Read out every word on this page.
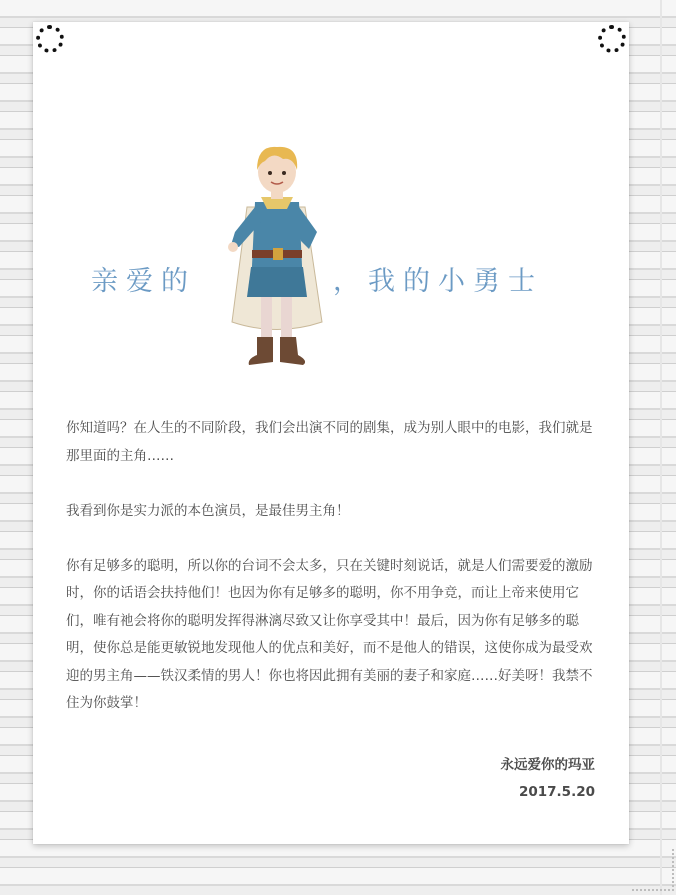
亲爱的	，我的小勇士

你知道吗？在人生的不同阶段，我们会出演不同的剧集，成为别人眼中的电影，我们就是那里面的主角……

我看到你是实力派的本色演员，是最佳男主角！

你有足够多的聪明，所以你的台词不会太多，只在关键时刻说话，就是人们需要爱的激励时，你的话语会扶持他们！也因为你有足够多的聪明，你不用争竞，而让上帝来使用它们，唯有祂会将你的聪明发挥得淋漓尽致又让你享受其中！最后，因为你有足够多的聪明，使你总是能更敏锐地发现他人的优点和美好，而不是他人的错误，这使你成为最受欢迎的男主角——铁汉柔情的男人！你也将因此拥有美丽的妻子和家庭……好美呀！我禁不住为你鼓掌！

永远爱你的玛亚
2017.5.20
